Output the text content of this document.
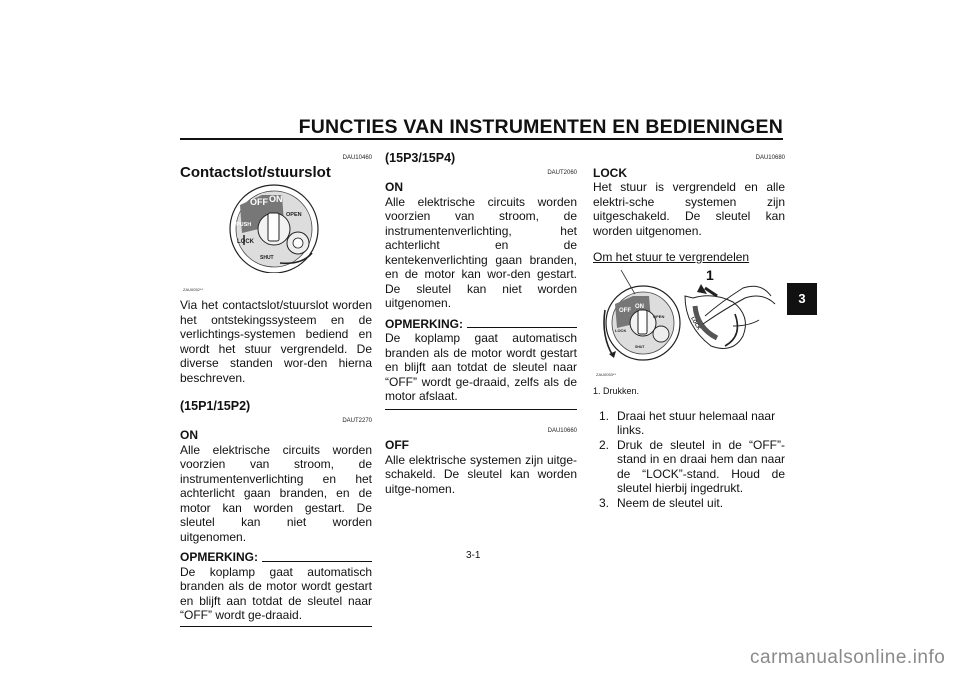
FUNCTIES VAN INSTRUMENTEN EN BEDIENINGEN
3
DAU10460
Contactslot/stuurslot
OFF ON
OPEN
PUSH
LOCK
SHUT
ZAU0052**

Via het contactslot/stuurslot worden het ontstekingssysteem en de verlichtings-systemen bediend en wordt het stuur vergrendeld. De diverse standen wor-den hierna beschreven.

(15P1/15P2)
DAUT2270
ON

Alle elektrische circuits worden voorzien van stroom, de instrumentenverlichting en het achterlicht gaan branden, en de motor kan worden gestart. De sleutel kan niet worden uitgenomen.

OPMERKING:

De koplamp gaat automatisch branden als de motor wordt gestart en blijft aan totdat de sleutel naar “OFF” wordt ge-draaid.

(15P3/15P4)
DAUT2060
ON

Alle elektrische circuits worden voorzien van stroom, de instrumentenverlichting, het achterlicht en de kentekenverlichting gaan branden, en de motor kan wor-den gestart. De sleutel kan niet worden uitgenomen.

OPMERKING:

De koplamp gaat automatisch branden als de motor wordt gestart en blijft aan totdat de sleutel naar “OFF” wordt ge-draaid, zelfs als de motor afslaat.

DAU10660
OFF

Alle elektrische systemen zijn uitge-schakeld. De sleutel kan worden uitge-nomen.

DAU10680
LOCK

Het stuur is vergrendeld en alle elektri-sche systemen zijn uitgeschakeld. De sleutel kan worden uitgenomen.

Om het stuur te vergrendelen
1
OFF
ON
OPEN
LOCK
SHUT
LOCK
ZAU0053**
1. Drukken.
1. Draai het stuur helemaal naar links.
2. Druk de sleutel in de “OFF”-stand in en draai hem dan naar de “LOCK”-stand. Houd de sleutel hierbij ingedrukt.
3. Neem de sleutel uit.
3-1
carmanualsonline.info
